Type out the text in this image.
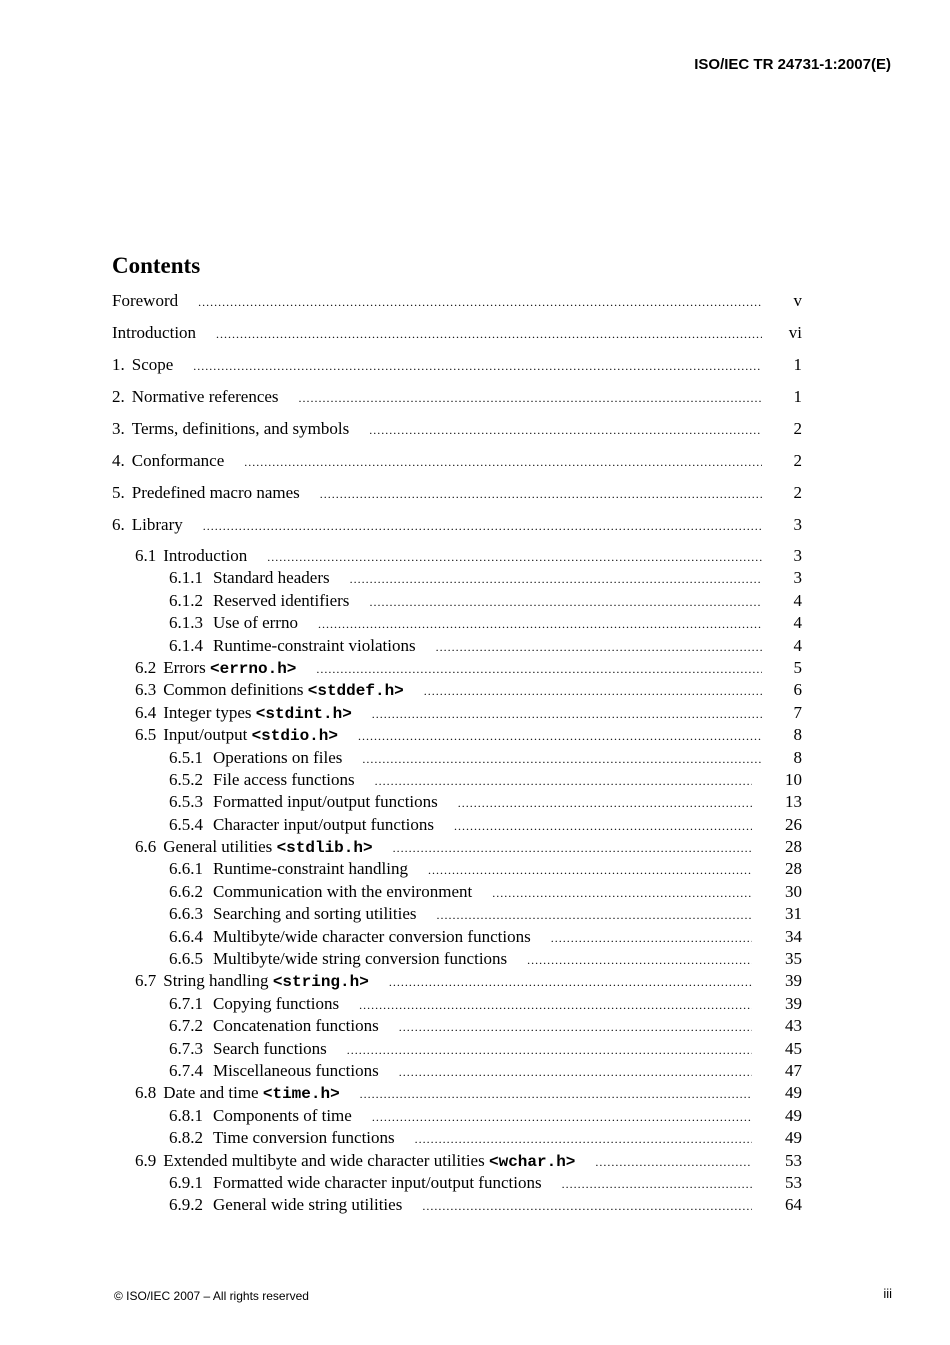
ISO/IEC TR 24731-1:2007(E)
Contents
Foreword .....	v
Introduction .....	vi
1. Scope .....	1
2. Normative references .....	1
3. Terms, definitions, and symbols .....	2
4. Conformance .....	2
5. Predefined macro names .....	2
6. Library .....	3
6.1 Introduction .....	3
6.1.1 Standard headers .....	3
6.1.2 Reserved identifiers .....	4
6.1.3 Use of errno .....	4
6.1.4 Runtime-constraint violations .....	4
6.2 Errors <errno.h> .....	5
6.3 Common definitions <stddef.h> .....	6
6.4 Integer types <stdint.h> .....	7
6.5 Input/output <stdio.h> .....	8
6.5.1 Operations on files .....	8
6.5.2 File access functions .....	10
6.5.3 Formatted input/output functions .....	13
6.5.4 Character input/output functions .....	26
6.6 General utilities <stdlib.h> .....	28
6.6.1 Runtime-constraint handling .....	28
6.6.2 Communication with the environment .....	30
6.6.3 Searching and sorting utilities .....	31
6.6.4 Multibyte/wide character conversion functions .....	34
6.6.5 Multibyte/wide string conversion functions .....	35
6.7 String handling <string.h> .....	39
6.7.1 Copying functions .....	39
6.7.2 Concatenation functions .....	43
6.7.3 Search functions .....	45
6.7.4 Miscellaneous functions .....	47
6.8 Date and time <time.h> .....	49
6.8.1 Components of time .....	49
6.8.2 Time conversion functions .....	49
6.9 Extended multibyte and wide character utilities <wchar.h> .....	53
6.9.1 Formatted wide character input/output functions .....	53
6.9.2 General wide string utilities .....	64
© ISO/IEC 2007 – All rights reserved	iii
